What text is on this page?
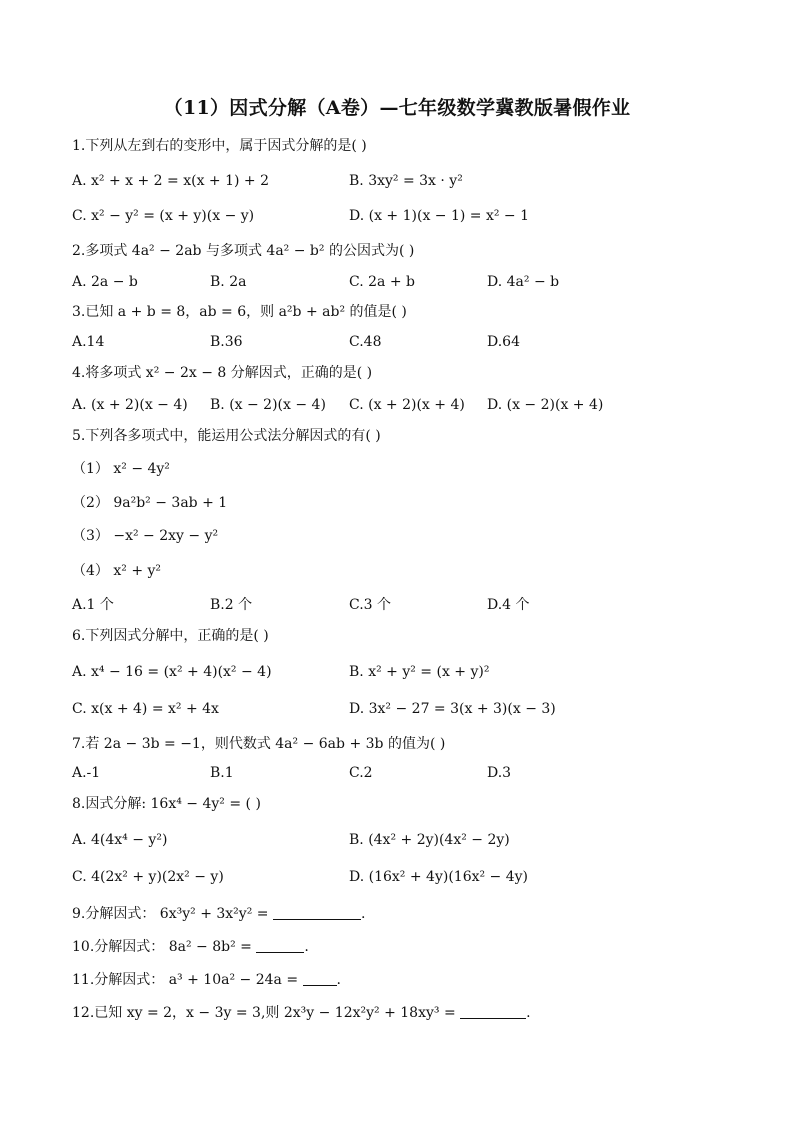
（11）因式分解（A卷）—七年级数学冀教版暑假作业
1.下列从左到右的变形中，属于因式分解的是( )
A. x² + x + 2 = x(x + 1) + 2	B. 3xy² = 3x · y²
C. x² − y² = (x + y)(x − y)	D. (x + 1)(x − 1) = x² − 1
2.多项式 4a² − 2ab 与多项式 4a² − b² 的公因式为( )
A. 2a − b	B. 2a	C. 2a + b	D. 4a² − b
3.已知 a + b = 8，ab = 6，则 a²b + ab² 的值是( )
A.14	B.36	C.48	D.64
4.将多项式 x² − 2x − 8 分解因式，正确的是( )
A. (x + 2)(x − 4) B. (x − 2)(x − 4) C. (x + 2)(x + 4) D. (x − 2)(x + 4)
5.下列各多项式中，能运用公式法分解因式的有( )
（1） x² − 4y²
（2） 9a²b² − 3ab + 1
（3） −x² − 2xy − y²
（4） x² + y²
A.1 个	B.2 个	C.3 个	D.4 个
6.下列因式分解中，正确的是( )
A. x⁴ − 16 = (x² + 4)(x² − 4)	B. x² + y² = (x + y)²
C. x(x + 4) = x² + 4x	D. 3x² − 27 = 3(x + 3)(x − 3)
7.若 2a − 3b = −1，则代数式 4a² − 6ab + 3b 的值为( )
A.-1	B.1	C.2	D.3
8.因式分解: 16x⁴ − 4y² = ( )
A. 4(4x⁴ − y²)	B. (4x² + 2y)(4x² − 2y)
C. 4(2x² + y)(2x² − y)	D. (16x² + 4y)(16x² − 4y)
9.分解因式： 6x³y² + 3x²y² =	.
10.分解因式： 8a² − 8b² =	.
11.分解因式： a³ + 10a² − 24a =	.
12.已知 xy = 2，x − 3y = 3,则 2x³y − 12x²y² + 18xy³ =	.
